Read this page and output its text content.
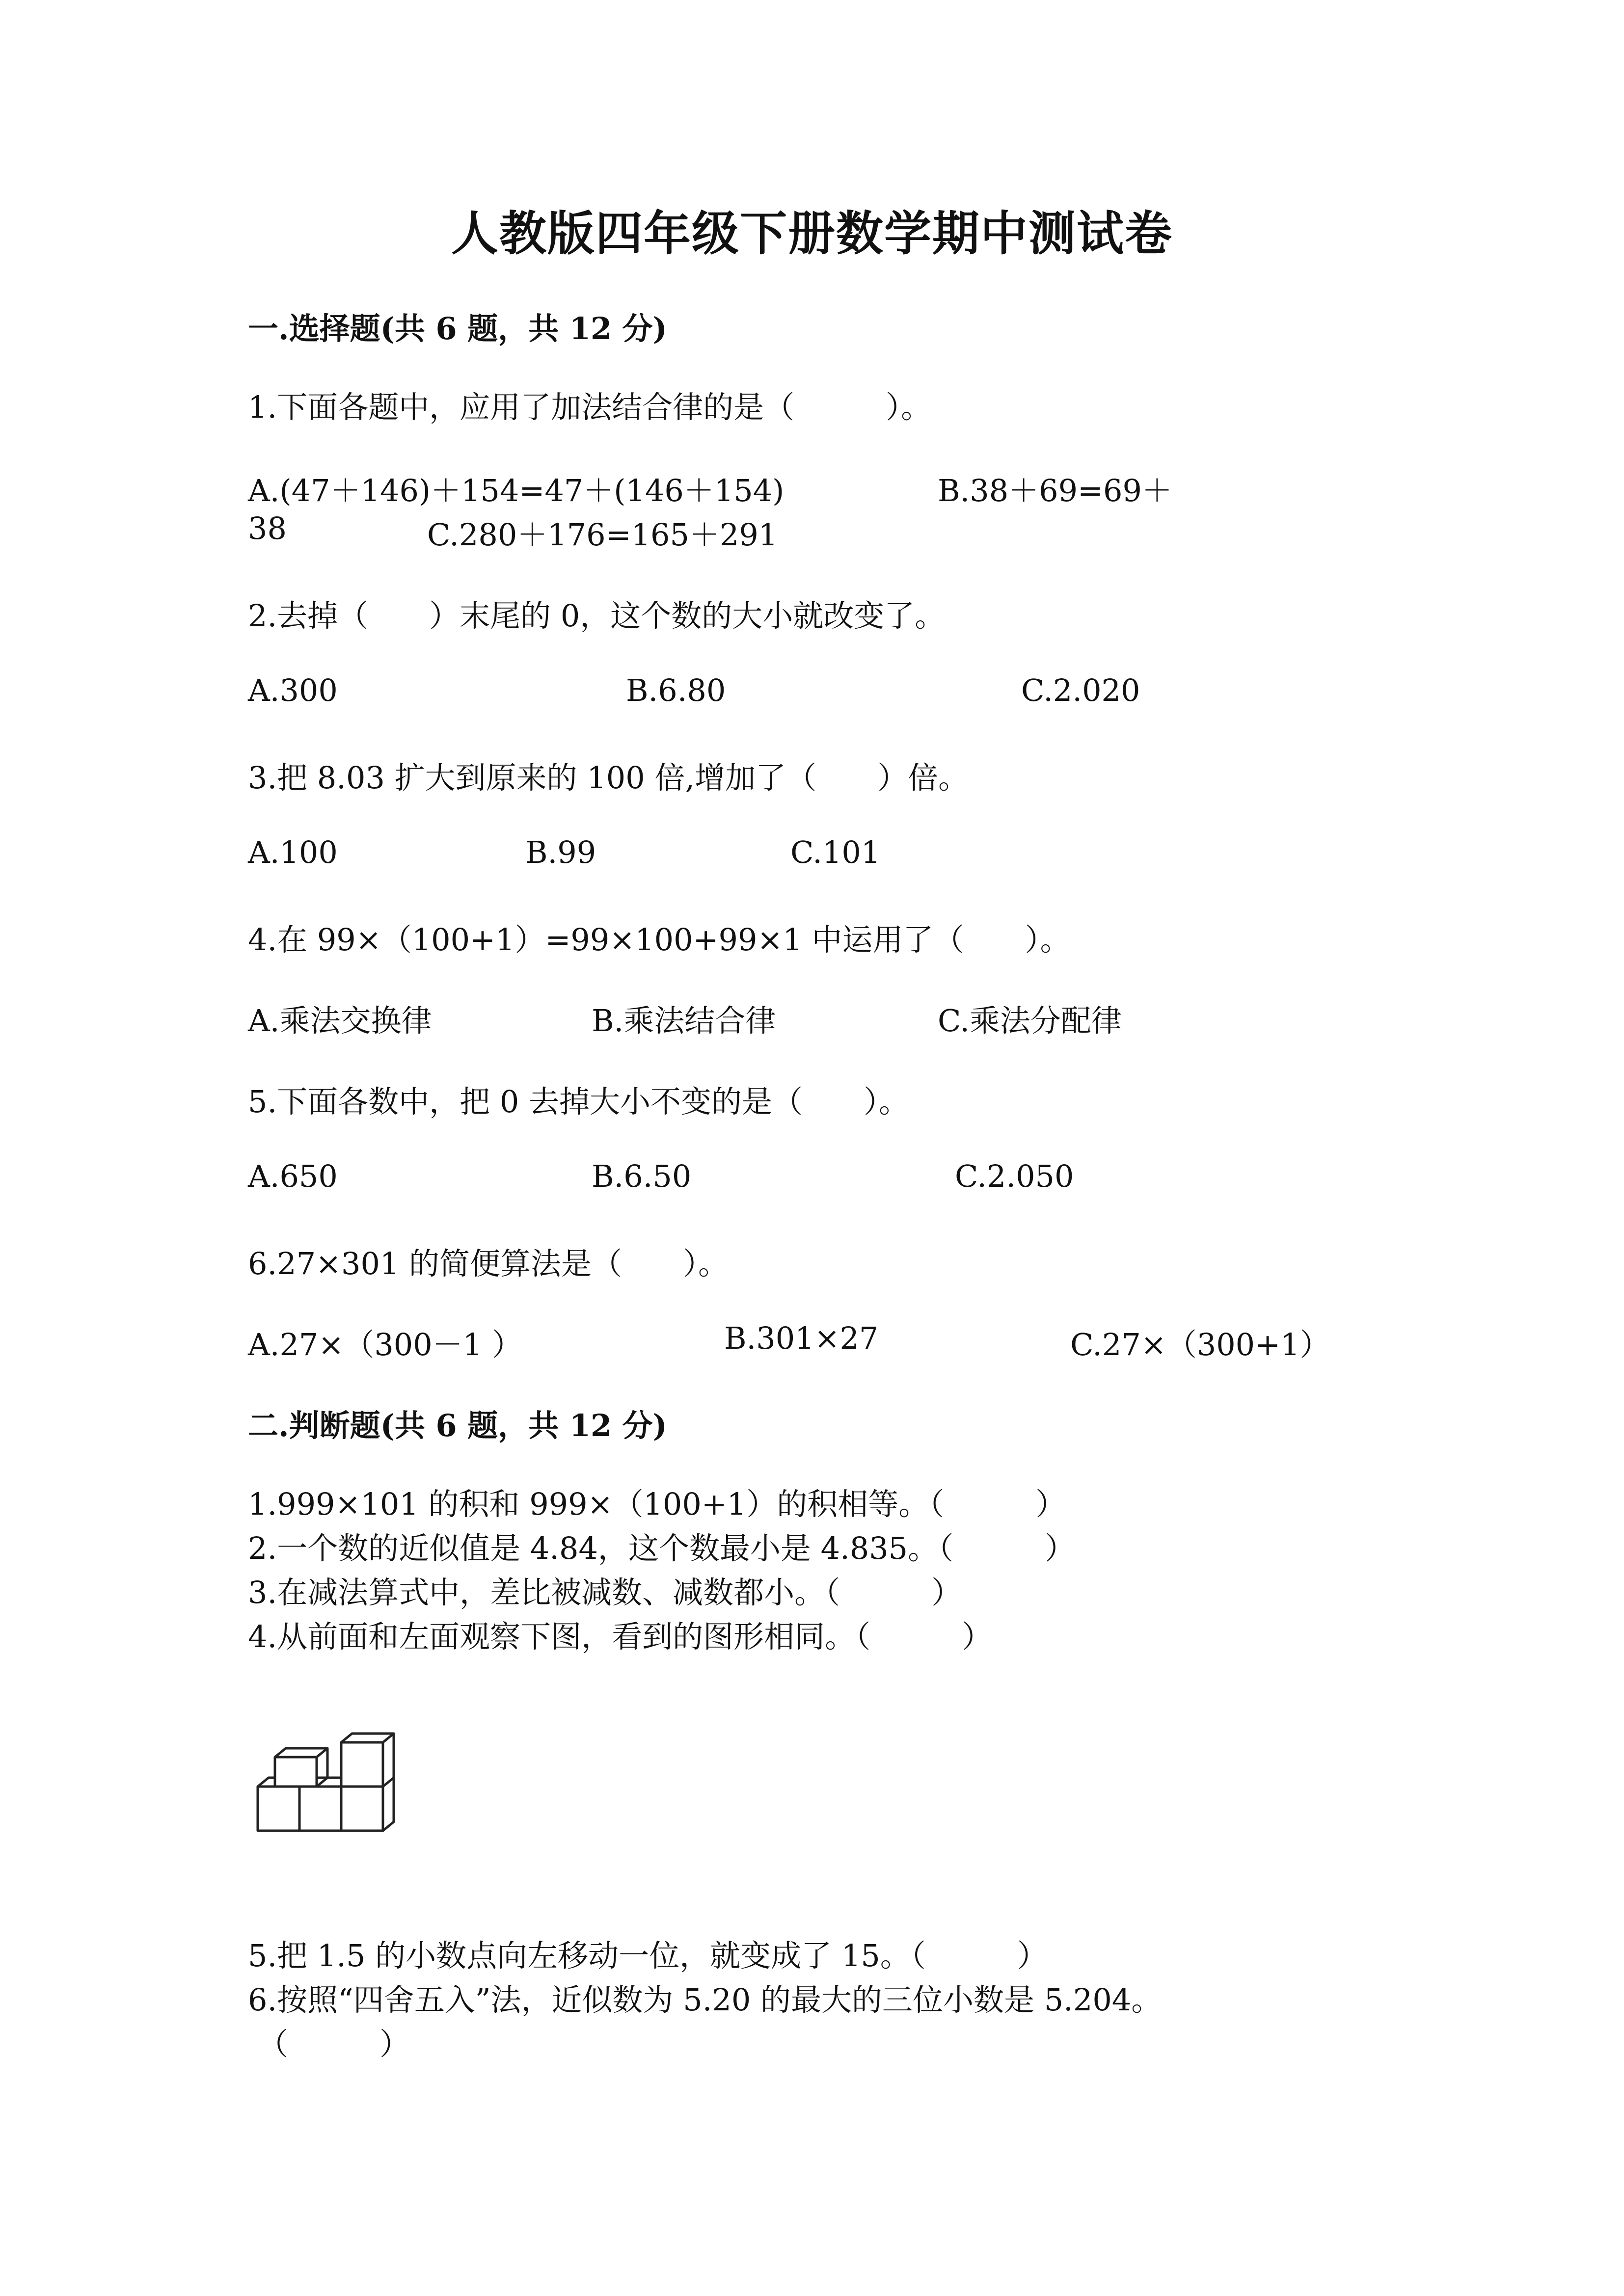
人教版四年级下册数学期中测试卷
一.选择题(共 6 题，共 12 分)
1.下面各题中，应用了加法结合律的是（　　　）。
A.(47＋146)＋154=47＋(146＋154)	B.38＋69=69＋
38	C.280＋176=165＋291
2.去掉（　　）末尾的 0，这个数的大小就改变了。
A.300	B.6.80	C.2.020
3.把 8.03 扩大到原来的 100 倍,增加了（　　）倍。
A.100	B.99	C.101
4.在 99×（100+1）=99×100+99×1 中运用了（　　）。
A.乘法交换律	B.乘法结合律	C.乘法分配律
5.下面各数中，把 0 去掉大小不变的是（　　）。
A.650	B.6.50	C.2.050
6.27×301 的简便算法是（　　）。
A.27×（300－1 ）	B.301×27	C.27×（300+1）
二.判断题(共 6 题，共 12 分)
1.999×101 的积和 999×（100+1）的积相等。（　　　）
2.一个数的近似值是 4.84，这个数最小是 4.835。（　　　）
3.在减法算式中，差比被减数、减数都小。（　　　）
4.从前面和左面观察下图，看到的图形相同。（　　　）
5.把 1.5 的小数点向左移动一位，就变成了 15。（　　　）
6.按照“四舍五入”法，近似数为 5.20 的最大的三位小数是 5.204。
（　　　）
